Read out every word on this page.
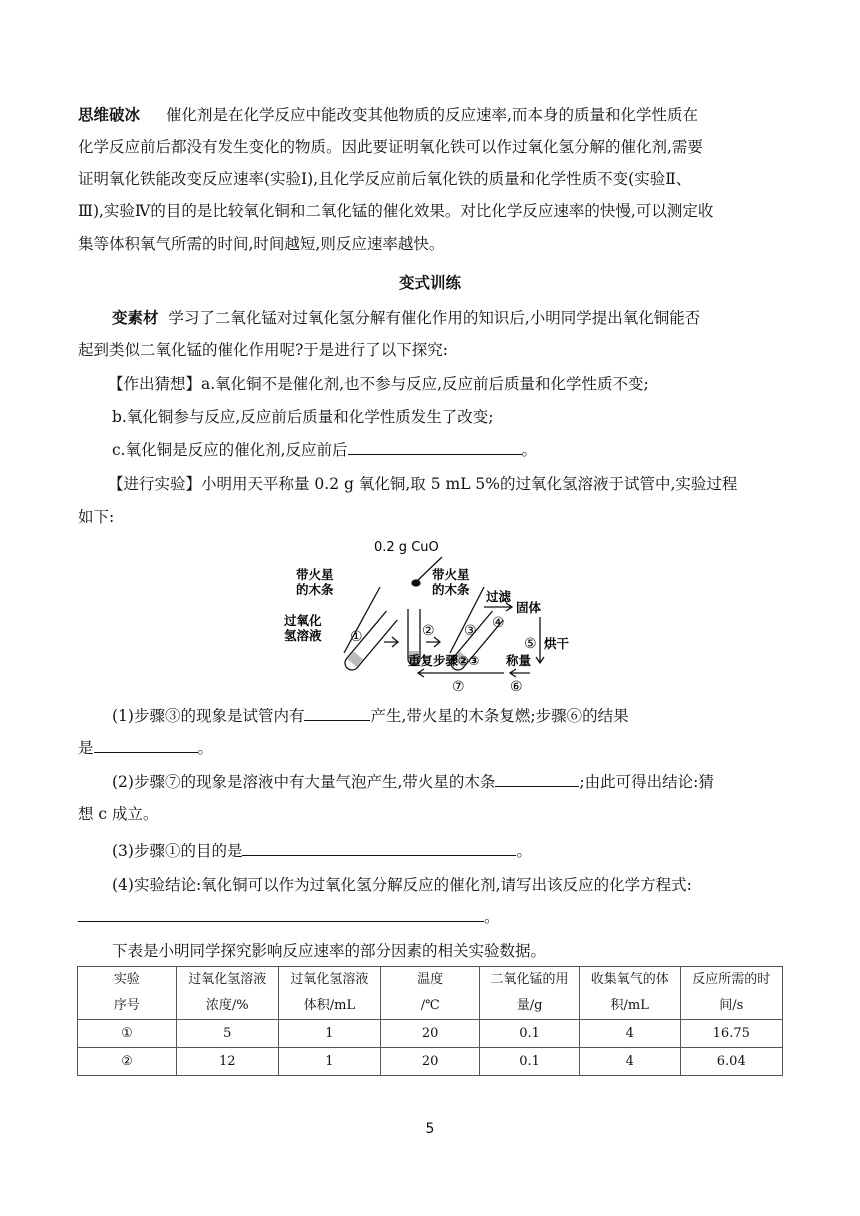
思维破冰 催化剂是在化学反应中能改变其他物质的反应速率,而本身的质量和化学性质在
化学反应前后都没有发生变化的物质。因此要证明氧化铁可以作过氧化氢分解的催化剂,需要
证明氧化铁能改变反应速率(实验Ⅰ),且化学反应前后氧化铁的质量和化学性质不变(实验Ⅱ、
Ⅲ),实验Ⅳ的目的是比较氧化铜和二氧化锰的催化效果。对比化学反应速率的快慢,可以测定收
集等体积氧气所需的时间,时间越短,则反应速率越快。
变式训练
变素材 学习了二氧化锰对过氧化氢分解有催化作用的知识后,小明同学提出氧化铜能否
起到类似二氧化锰的催化作用呢?于是进行了以下探究:
【作出猜想】a.氧化铜不是催化剂,也不参与反应,反应前后质量和化学性质不变;
b.氧化铜参与反应,反应前后质量和化学性质发生了改变;
c.氧化铜是反应的催化剂,反应前后	。
【进行实验】小明用天平称量 0.2 g 氧化铜,取 5 mL 5%的过氧化氢溶液于试管中,实验过程
如下:
0.2 g CuO
带火星
的木条
带火星
的木条
过氧化
氢溶液 ①	② ③
过滤
④
固体
⑤ 烘干
称量
⑥
重复步骤②③
⑦
(1)步骤③的现象是试管内有	产生,带火星的木条复燃;步骤⑥的结果
是	。
(2)步骤⑦的现象是溶液中有大量气泡产生,带火星的木条	;由此可得出结论:猜
想 c 成立。
(3)步骤①的目的是	。
(4)实验结论:氧化铜可以作为过氧化氢分解反应的催化剂,请写出该反应的化学方程式:
。
下表是小明同学探究影响反应速率的部分因素的相关实验数据。
实验	过氧化氢溶液	过氧化氢溶液	温度	二氧化锰的用	收集氧气的体	反应所需的时
序号	浓度/%	体积/mL	/℃	量/g	积/mL	间/s
①	5	1	20	0.1	4	16.75
②	12	1	20	0.1	4	6.04
5
